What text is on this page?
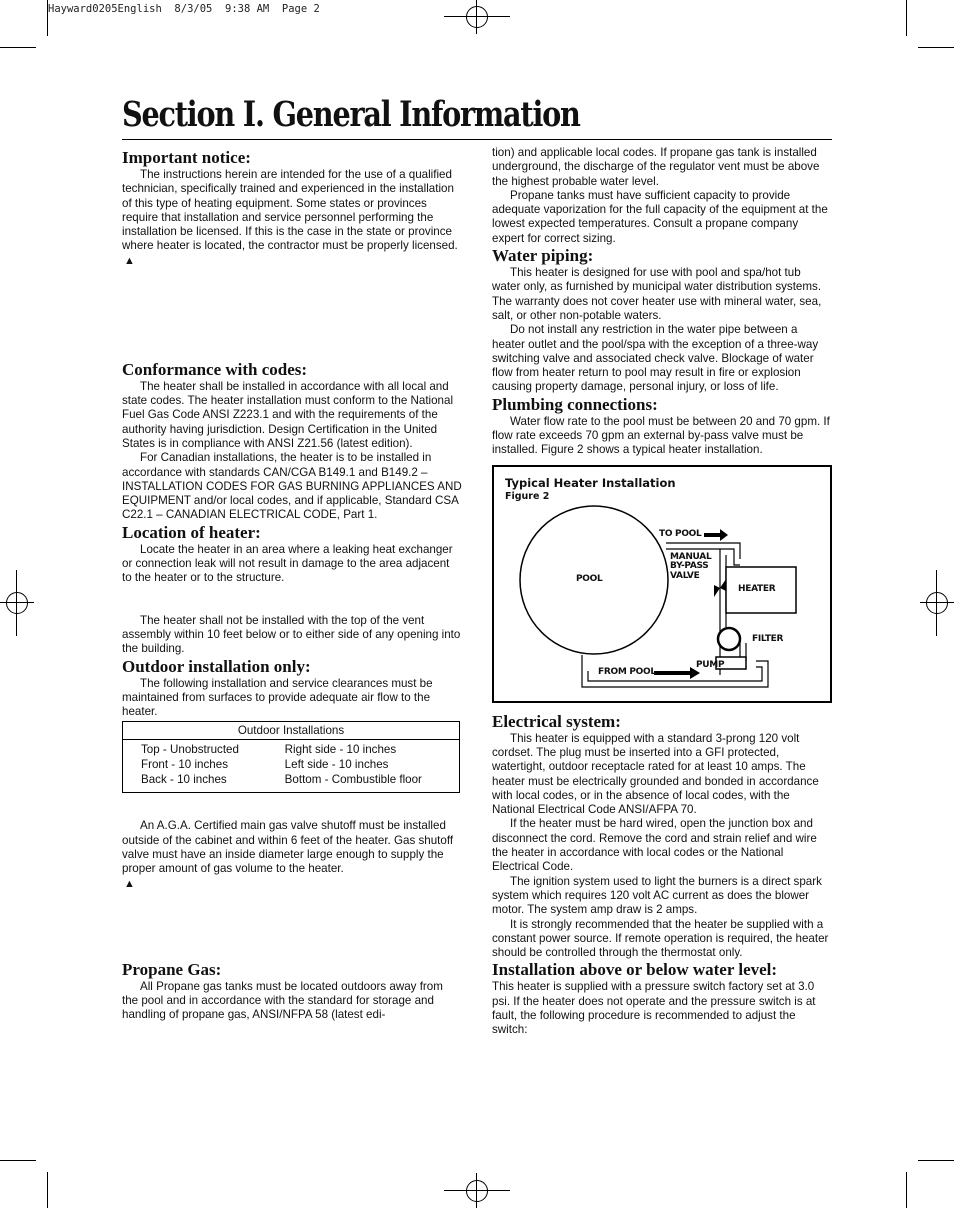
Hayward0205English  8/3/05  9:38 AM  Page 2
Section I. General Information
Important notice:

The instructions herein are intended for the use of a qualified technician, specifically trained and experienced in the installation of this type of heating equipment. Some states or provinces require that installation and service personnel performing the installation be licensed. If this is the case in the state or province where heater is located, the contractor must be properly licensed.

▲
Conformance with codes:

The heater shall be installed in accordance with all local and state codes. The heater installation must conform to the National Fuel Gas Code ANSI Z223.1 and with the requirements of the authority having jurisdiction. Design Certification in the United States is in compliance with ANSI Z21.56 (latest edition).

For Canadian installations, the heater is to be installed in accordance with standards CAN/CGA B149.1 and B149.2 – INSTALLATION CODES FOR GAS BURNING APPLIANCES AND EQUIPMENT and/or local codes, and if applicable, Standard CSA C22.1 – CANADIAN ELECTRICAL CODE, Part 1.

Location of heater:

Locate the heater in an area where a leaking heat exchanger or connection leak will not result in damage to the area adjacent to the heater or to the structure.

The heater shall not be installed with the top of the vent assembly within 10 feet below or to either side of any opening into the building.

Outdoor installation only:

The following installation and service clearances must be maintained from surfaces to provide adequate air flow to the heater.

Outdoor Installations	
Top - Unobstructed	Right side - 10 inches
Front - 10 inches	Left side - 10 inches
Back - 10 inches	Bottom - Combustible floor

An A.G.A. Certified main gas valve shutoff must be installed outside of the cabinet and within 6 feet of the heater. Gas shutoff valve must have an inside diameter large enough to supply the proper amount of gas volume to the heater.

▲
Propane Gas:

All Propane gas tanks must be located outdoors away from the pool and in accordance with the standard for storage and handling of propane gas, ANSI/NFPA 58 (latest edi-

tion) and applicable local codes. If propane gas tank is installed underground, the discharge of the regulator vent must be above the highest probable water level.

Propane tanks must have sufficient capacity to provide adequate vaporization for the full capacity of the equipment at the lowest expected temperatures. Consult a propane company expert for correct sizing.

Water piping:

This heater is designed for use with pool and spa/hot tub water only, as furnished by municipal water distribution systems. The warranty does not cover heater use with mineral water, sea, salt, or other non-potable waters.

Do not install any restriction in the water pipe between a heater outlet and the pool/spa with the exception of a three-way switching valve and associated check valve. Blockage of water flow from heater return to pool may result in fire or explosion causing property damage, personal injury, or loss of life.

Plumbing connections:

Water flow rate to the pool must be between 20 and 70 gpm. If flow rate exceeds 70 gpm an external by-pass valve must be installed. Figure 2 shows a typical heater installation.

Typical Heater Installation
Figure 2
TO POOL
POOL
MANUAL
BY-PASS
VALVE
HEATER
FILTER
PUMP
FROM POOL
Electrical system:

This heater is equipped with a standard 3-prong 120 volt cordset. The plug must be inserted into a GFI protected, watertight, outdoor receptacle rated for at least 10 amps. The heater must be electrically grounded and bonded in accordance with local codes, or in the absence of local codes, with the National Electrical Code ANSI/AFPA 70.

If the heater must be hard wired, open the junction box and disconnect the cord. Remove the cord and strain relief and wire the heater in accordance with local codes or the National Electrical Code.

The ignition system used to light the burners is a direct spark system which requires 120 volt AC current as does the blower motor. The system amp draw is 2 amps.

It is strongly recommended that the heater be supplied with a constant power source. If remote operation is required, the heater should be controlled through the thermostat only.

Installation above or below water level:

This heater is supplied with a pressure switch factory set at 3.0 psi. If the heater does not operate and the pressure switch is at fault, the following procedure is recommended to adjust the switch:
